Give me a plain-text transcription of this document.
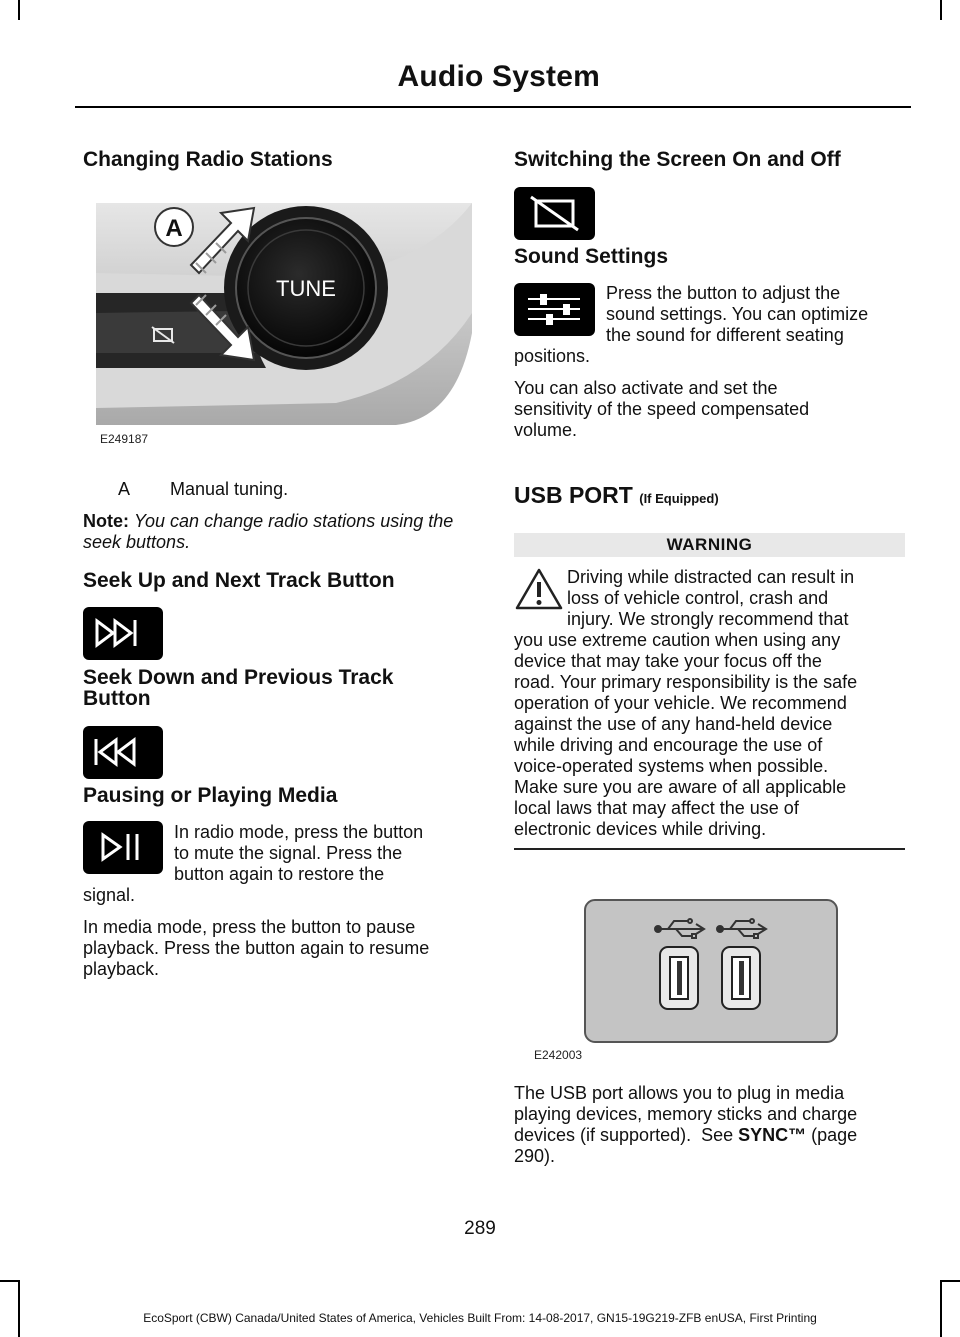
Audio System
Changing Radio Stations
TUNE
A
E249187

A Manual tuning.

Note: You can change radio stations using the seek buttons.

Seek Up and Next Track Button
Seek Down and Previous Track
Button
Pausing or Playing Media

In radio mode, press the button

to mute the signal. Press the

button again to restore the

signal.

In media mode, press the button to pause

playback. Press the button again to resume

playback.

Switching the Screen On and Off
Sound Settings

Press the button to adjust the

sound settings. You can optimize

the sound for different seating

positions.

You can also activate and set the

sensitivity of the speed compensated

volume.

USB PORT (If Equipped)
WARNING

Driving while distracted can result in

loss of vehicle control, crash and

injury. We strongly recommend that

you use extreme caution when using any

device that may take your focus off the

road. Your primary responsibility is the safe

operation of your vehicle. We recommend

against the use of any hand-held device

while driving and encourage the use of

voice-operated systems when possible.

Make sure you are aware of all applicable

local laws that may affect the use of

electronic devices while driving.

E242003

The USB port allows you to plug in media

playing devices, memory sticks and charge

devices (if supported).  See SYNC™ (page

290).

289
EcoSport (CBW) Canada/United States of America, Vehicles Built From: 14-08-2017, GN15-19G219-ZFB enUSA, First Printing
